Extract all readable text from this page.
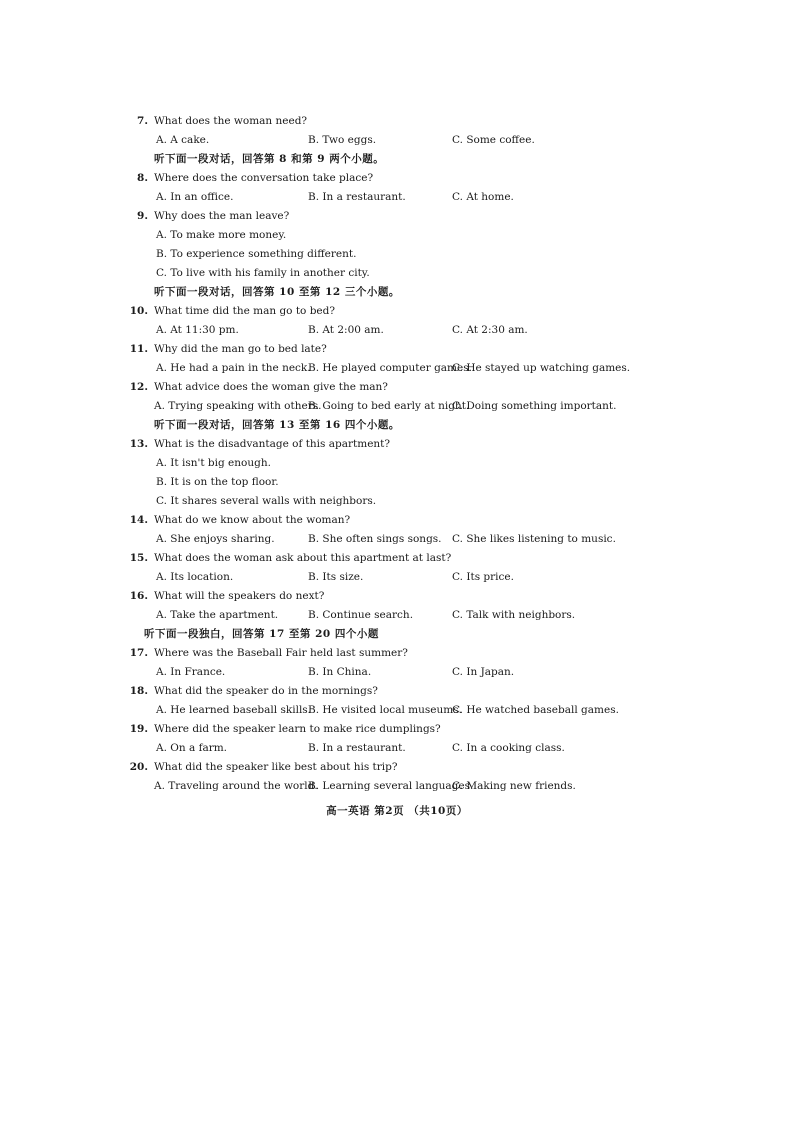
7. What does the woman need?
A. A cake.	B. Two eggs.	C. Some coffee.
听下面一段对话，回答第 8 和第 9 两个小题。
8. Where does the conversation take place?
A. In an office.	B. In a restaurant.	C. At home.
9. Why does the man leave?
A. To make more money.
B. To experience something different.
C. To live with his family in another city.
听下面一段对话，回答第 10 至第 12 三个小题。
10. What time did the man go to bed?
A. At 11:30 pm.	B. At 2:00 am.	C. At 2:30 am.
11. Why did the man go to bed late?
A. He had a pain in the neck.
B. He played computer games.
C. He stayed up watching games.
12. What advice does the woman give the man?
A. Trying speaking with others.
B. Going to bed early at night.
C. Doing something important.
听下面一段对话，回答第 13 至第 16 四个小题。
13. What is the disadvantage of this apartment?
A. It isn't big enough.
B. It is on the top floor.
C. It shares several walls with neighbors.
14. What do we know about the woman?
A. She enjoys sharing.	B. She often sings songs. C. She likes listening to music.
15. What does the woman ask about this apartment at last?
A. Its location.	B. Its size.	C. Its price.
16. What will the speakers do next?
A. Take the apartment.	B. Continue search.	C. Talk with neighbors.
听下面一段独白，回答第 17 至第 20 四个小题
17. Where was the Baseball Fair held last summer?
A. In France.	B. In China.	C. In Japan.
18. What did the speaker do in the mornings?
A. He learned baseball skills.
B. He visited local museums.
C. He watched baseball games.
19. Where did the speaker learn to make rice dumplings?
A. On a farm.	B. In a restaurant.	C. In a cooking class.
20. What did the speaker like best about his trip?
A. Traveling around the world.
B. Learning several languages.
C. Making new friends.
高一英语 第2页 （共10页）
